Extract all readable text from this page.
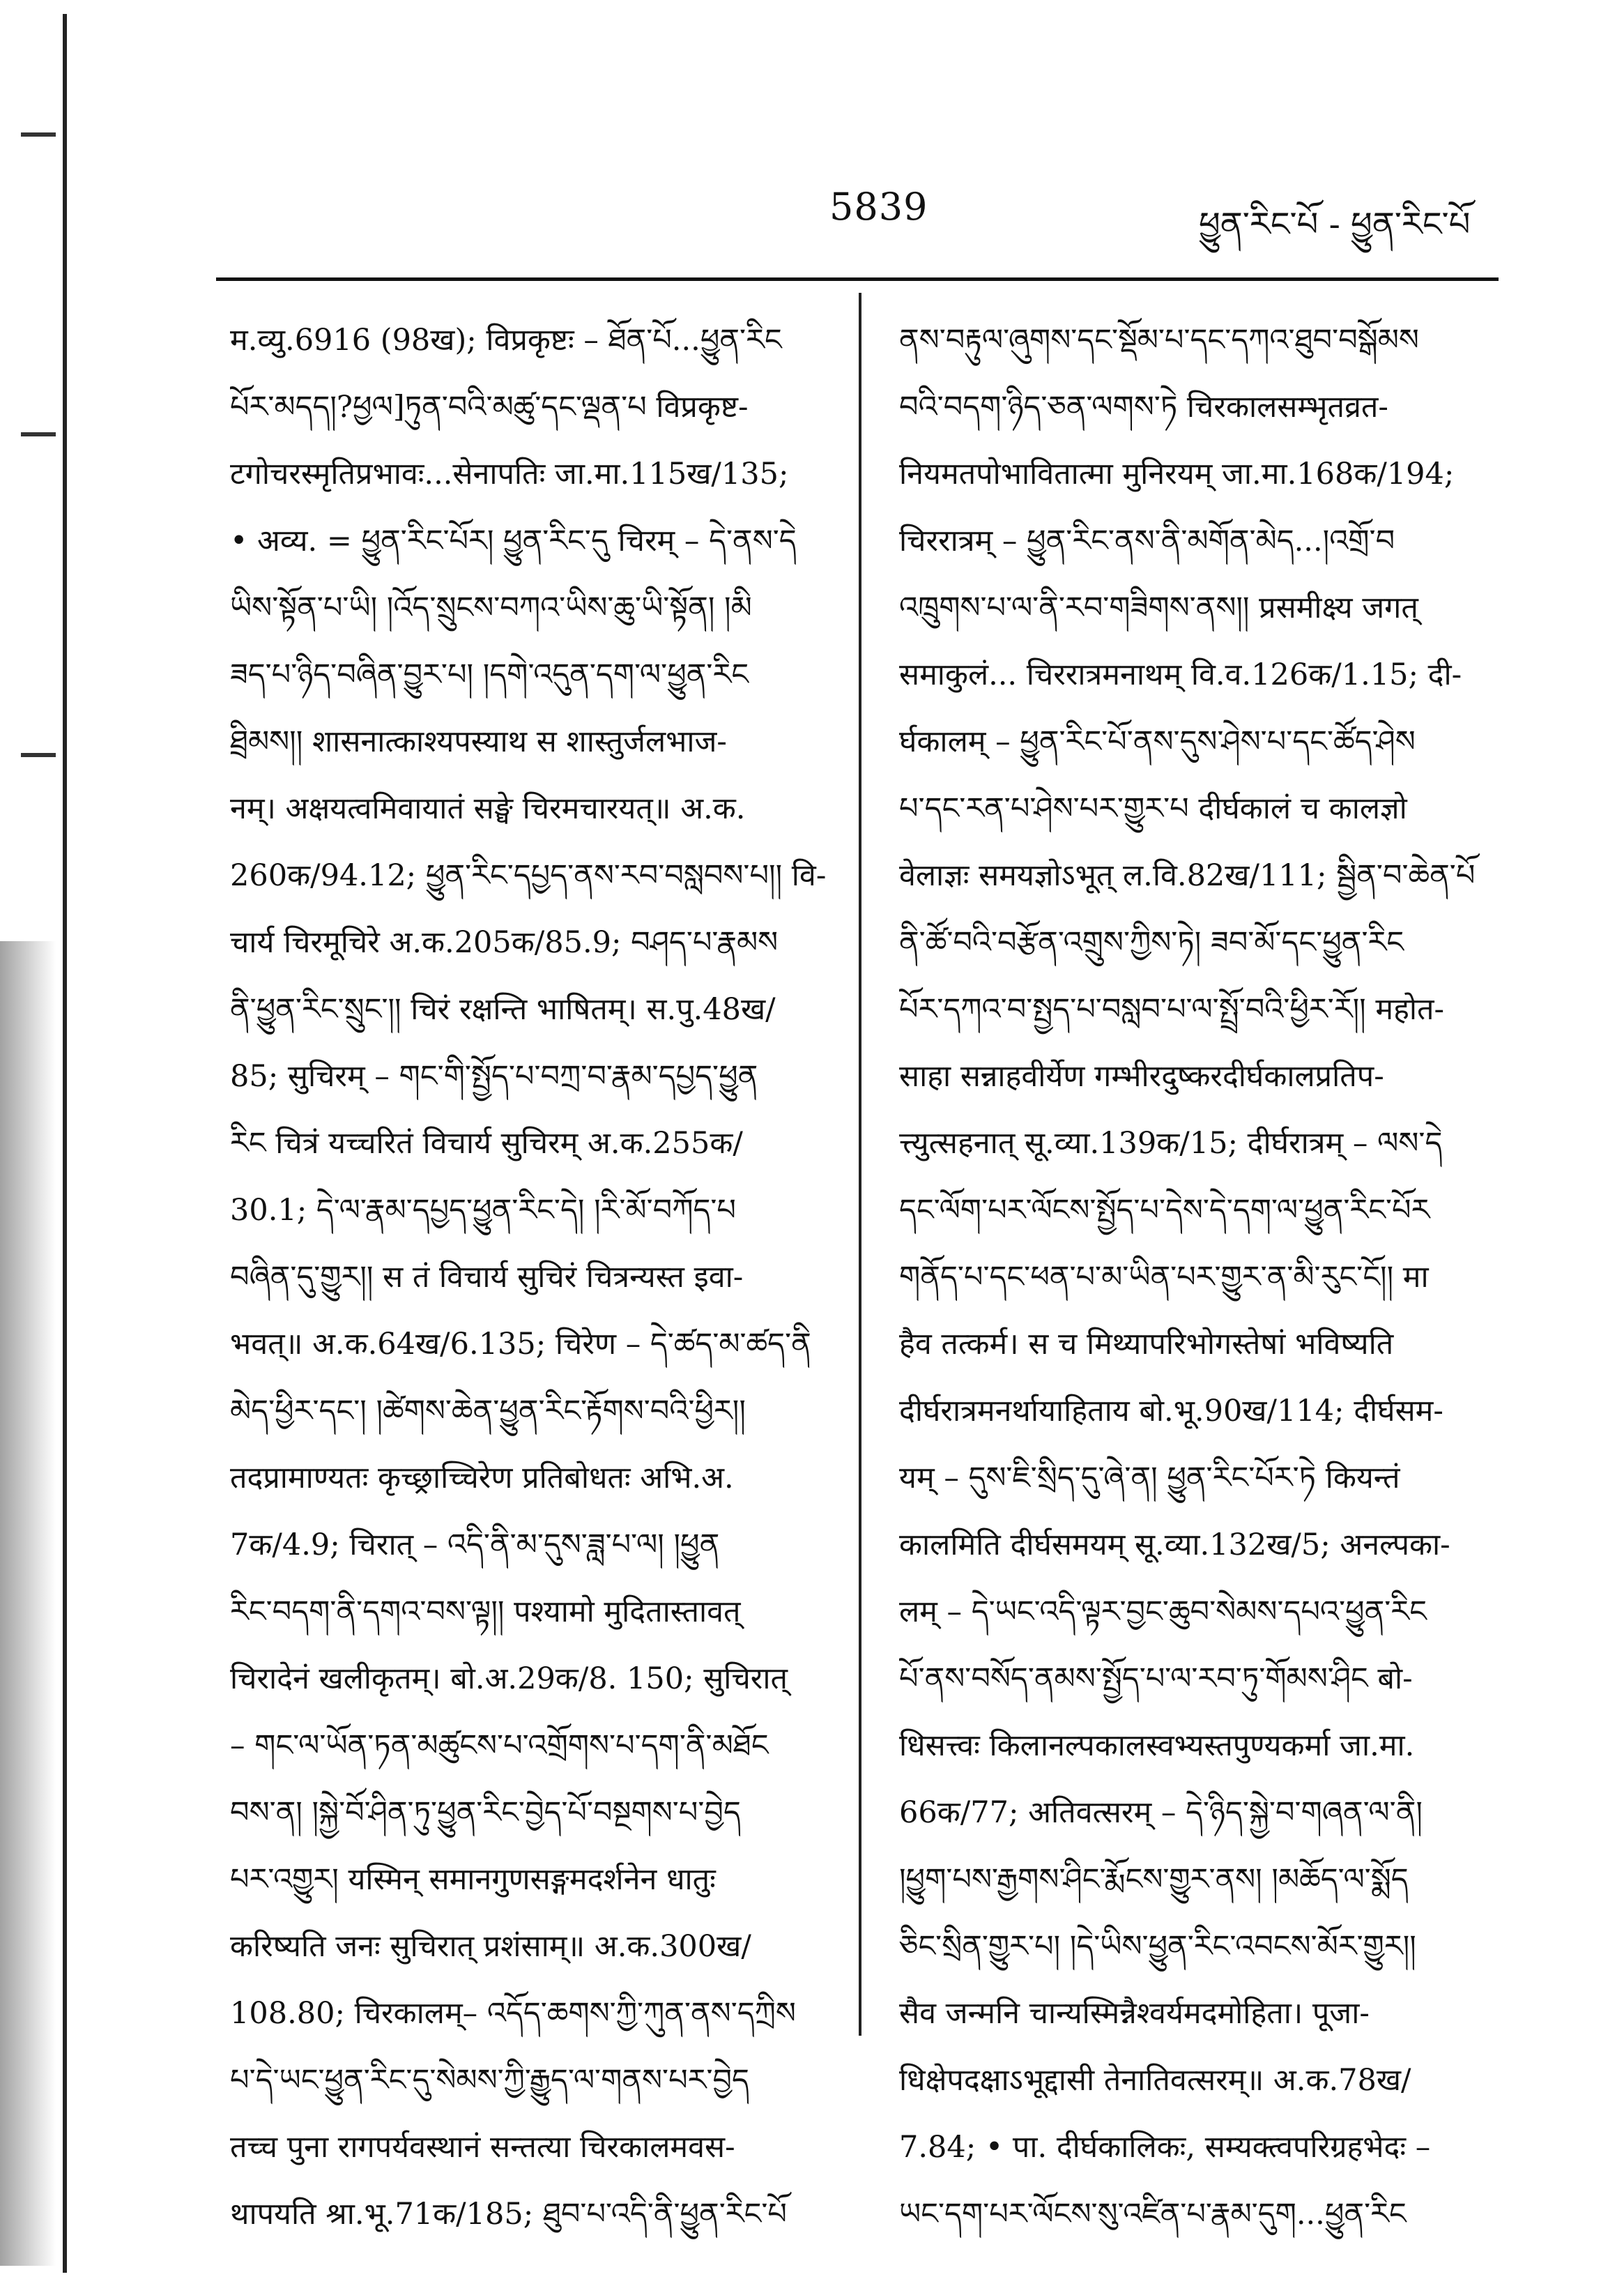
5839	ཕྱུན་རིང་པོ - ཕྱུན་རིང་པོ
म.व्यु.6916 (98ख); विप्रकृष्टः – ཐོན་པོ...ཕྱུན་རིང
པོར་མདད།?ཕྱལ]ཏུན་བའི་མཚུ་དང་ལྡན་པ विप्रकृष्ट-
टगोचरस्मृतिप्रभावः...सेनापतिः जा.मा.115ख/135;
• अव्य. = ཕྱུན་རིང་པོར། ཕྱུན་རིང་དུ चिरम् – དེ་ནས་དེ
ཡིས་སྟོན་པ་ཡི། །འོད་སྲུངས་བཀའ་ཡིས་ཆུ་ཡི་སྟོན། །མི
ཟད་པ་ཉིད་བཞིན་བྱུར་པ། །དགེ་འདུན་དག་ལ་ཕྱུན་རིང
ཐྲིམས།། शासनात्काश्यपस्याथ स शास्तुर्जलभाज-
नम्। अक्षयत्वमिवायातं सङ्घे चिरमचारयत्॥ अ.क.
260क/94.12; ཕྱུན་རིང་དཔྱད་ནས་རབ་བསླབས་པ།། वि-
चार्य चिरमूचिरे अ.क.205क/85.9; བཤད་པ་རྣམས
ནི་ཕྱུན་རིང་སྲུང་།། चिरं रक्षन्ति भाषितम्। स.पु.48ख/
85; सुचिरम् – གང་གི་སྤྱོད་པ་བཀྲ་བ་རྣམ་དཔྱད་ཕྱུན
རིང चित्रं यच्चरितं विचार्य सुचिरम् अ.क.255क/
30.1; དེ་ལ་རྣམ་དཔྱད་ཕྱུན་རིང་དེ། །རི་མོ་བཀོད་པ
བཞིན་དུ་གྱུར།། स तं विचार्य सुचिरं चित्रन्यस्त इवा-
भवत्॥ अ.क.64ख/6.135; चिरेण – དེ་ཚད་མ་ཚད་ནི
མེད་ཕྱིར་དང་། །ཚེགས་ཆེན་ཕྱུན་རིང་རྟོགས་བའི་ཕྱིར།།
तदप्रामाण्यतः कृच्छ्राच्चिरेण प्रतिबोधतः अभि.अ.
7क/4.9; चिरात् – འདི་ནི་མ་དུས་ཟླ་པ་ལ། །ཕྱུན
རིང་བདག་ནི་དགའ་བས་ལྟ།། पश्यामो मुदितास्तावत्
चिरादेनं खलीकृतम्। बो.अ.29क/8. 150; सुचिरात्
– གང་ལ་ཡོན་ཏན་མཚུངས་པ་འགྲོགས་པ་དག་ནི་མཐོང
བས་ན། །སྐྱེ་བོ་ཤིན་ཏུ་ཕྱུན་རིང་བྱེད་པོ་བསྔགས་པ་བྱེད
པར་འགྱུར། यस्मिन् समानगुणसङ्गमदर्शनेन धातुः
करिष्यति जनः सुचिरात् प्रशंसाम्॥ अ.क.300ख/
108.80; चिरकालम्– འདོད་ཆགས་ཀྱི་ཀུན་ནས་དཀྲིས
པ་དེ་ཡང་ཕྱུན་རིང་དུ་སེམས་ཀྱི་རྒྱུད་ལ་གནས་པར་བྱེད
तच्च पुना रागपर्यवस्थानं सन्तत्या चिरकालमवस-
थापयति श्रा.भू.71क/185; ཐུབ་པ་འདི་ནི་ཕྱུན་རིང་པོ
ནས་བརྟུལ་ཞུགས་དང་སྡོམ་པ་དང་དཀའ་ཐུབ་བསྒོམས
བའི་བདག་ཉིད་ཅན་ལགས་ཏེ चिरकालसम्भृतव्रत-
नियमतपोभावितात्मा मुनिरयम् जा.मा.168क/194;
चिररात्रम् – ཕྱུན་རིང་ནས་ནི་མགོན་མེད...།འགྲོ་བ
འཁྲུགས་པ་ལ་ནི་རབ་གཟིགས་ནས།། प्रसमीक्ष्य जगत्
समाकुलं... चिररात्रमनाथम् वि.व.126क/1.15; दी-
र्घकालम् – ཕྱུན་རིང་པོ་ནས་དུས་ཤེས་པ་དང་ཚོད་ཤེས
པ་དང་རན་པ་ཤེས་པར་གྱུར་པ दीर्घकालं च कालज्ञो
वेलाज्ञः समयज्ञोऽभूत् ल.वि.82ख/111; སྦྱིན་བ་ཆེན་པོ
ནི་ཚོ་བའི་བརྩོན་འགྲུས་ཀྱིས་ཏེ། ཟབ་མོ་དང་ཕྱུན་རིང
པོར་དཀའ་བ་སྤྱད་པ་བསླབ་པ་ལ་སྤྲོ་བའི་ཕྱིར་རོ།། महोत-
साहा सन्नाहवीर्येण गम्भीरदुष्करदीर्घकालप्रतिप-
त्त्युत्सहनात् सू.व्या.139क/15; दीर्घरात्रम् – ལས་དེ
དང་ལོག་པར་ལོངས་སྤྱོད་པ་དེས་དེ་དག་ལ་ཕྱུན་རིང་པོར
གནོད་པ་དང་ཕན་པ་མ་ཡིན་པར་གྱུར་ན་མི་རུང་ངོ།། मा
हैव तत्कर्म। स च मिथ्यापरिभोगस्तेषां भविष्यति
दीर्घरात्रमनर्थायाहिताय बो.भू.90ख/114; दीर्घसम-
यम् – དུས་ཇི་སྲིད་དུ་ཞེ་ན། ཕྱུན་རིང་པོར་ཏེ कियन्तं
कालमिति दीर्घसमयम् सू.व्या.132ख/5; अनल्पका-
लम् – དེ་ཡང་འདི་ལྟར་བྱང་ཆུབ་སེམས་དཔའ་ཕྱུན་རིང
པོ་ནས་བསོད་ནམས་སྤྱོད་པ་ལ་རབ་ཏུ་གོམས་ཤིང बो-
धिसत्त्वः किलानल्पकालस्वभ्यस्तपुण्यकर्मा जा.मा.
66क/77; अतिवत्सरम् – དེ་ཉིད་སྐྱེ་བ་གཞན་ལ་ནི།
།ཕྱུག་པས་རྒྱགས་ཤིང་རྨོངས་གྱུར་ནས། །མཆོད་ལ་སྨོད
ཅིང་སྲིན་གྱུར་པ། །དེ་ཡིས་ཕྱུན་རིང་འབངས་མོར་གྱུར།།
सैव जन्मनि चान्यस्मिन्नैश्वर्यमदमोहिता। पूजा-
धिक्षेपदक्षाऽभूद्दासी तेनातिवत्सरम्॥ अ.क.78ख/
7.84; • पा. दीर्घकालिकः, सम्यक्त्वपरिग्रहभेदः –
ཡང་དག་པར་ལོངས་སུ་འཛིན་པ་རྣམ་དུག...ཕྱུན་རིང
